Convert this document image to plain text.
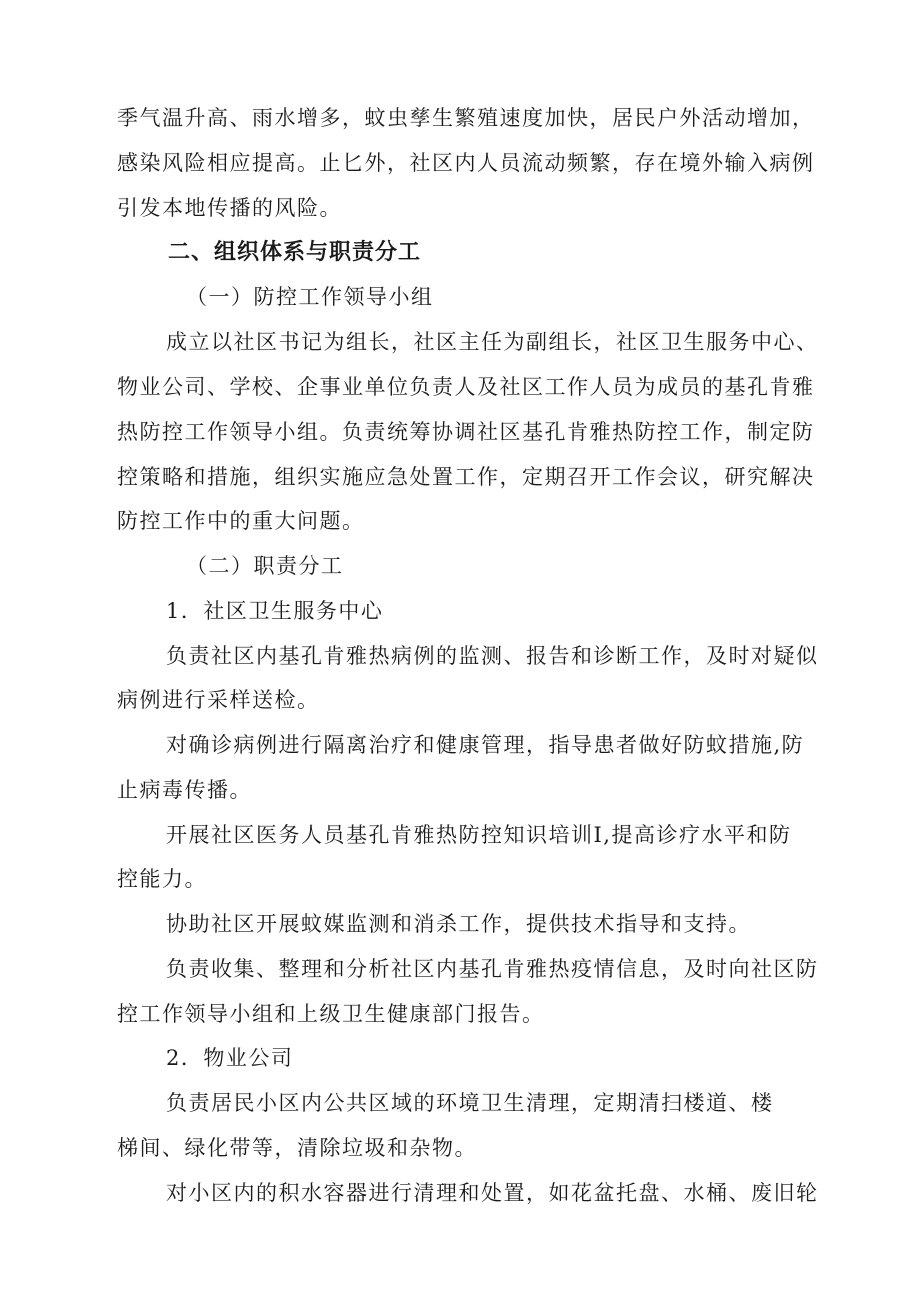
季气温升高、雨水增多，蚊虫孳生繁殖速度加快，居民户外活动增加，
感染风险相应提高。止匕外，社区内人员流动频繁，存在境外输入病例
引发本地传播的风险。
二、组织体系与职责分工
（一）防控工作领导小组
成立以社区书记为组长，社区主任为副组长，社区卫生服务中心、
物业公司、学校、企事业单位负责人及社区工作人员为成员的基孔肯雅
热防控工作领导小组。负责统筹协调社区基孔肯雅热防控工作，制定防
控策略和措施，组织实施应急处置工作，定期召开工作会议，研究解决
防控工作中的重大问题。
（二）职责分工
1．社区卫生服务中心
负责社区内基孔肯雅热病例的监测、报告和诊断工作，及时对疑似
病例进行采样送检。
对确诊病例进行隔离治疗和健康管理，指导患者做好防蚊措施,防
止病毒传播。
开展社区医务人员基孔肯雅热防控知识培训I,提高诊疗水平和防
控能力。
协助社区开展蚊媒监测和消杀工作，提供技术指导和支持。
负责收集、整理和分析社区内基孔肯雅热疫情信息，及时向社区防
控工作领导小组和上级卫生健康部门报告。
2．物业公司
负责居民小区内公共区域的环境卫生清理，定期清扫楼道、楼
梯间、绿化带等，清除垃圾和杂物。
对小区内的积水容器进行清理和处置，如花盆托盘、水桶、废旧轮
